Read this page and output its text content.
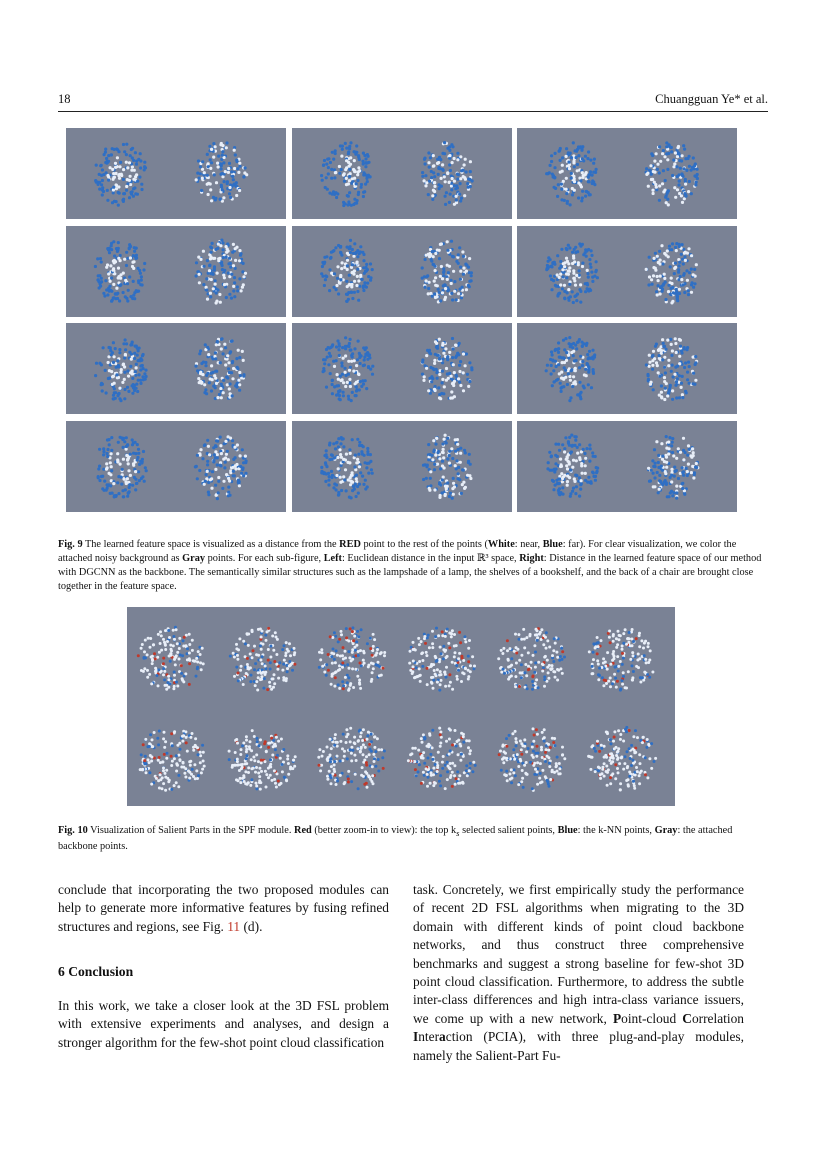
18	Chuangguan Ye* et al.
Fig. 9 The learned feature space is visualized as a distance from the RED point to the rest of the points (White: near, Blue: far). For clear visualization, we color the attached noisy background as Gray points. For each sub-figure, Left: Euclidean distance in the input ℝ³ space, Right: Distance in the learned feature space of our method with DGCNN as the backbone. The semantically similar structures such as the lampshade of a lamp, the shelves of a bookshelf, and the back of a chair are brought close together in the feature space.
Fig. 10 Visualization of Salient Parts in the SPF module. Red (better zoom-in to view): the top $k_s$ selected salient points, Blue: the k-NN points, Gray: the attached backbone points.

conclude that incorporating the two proposed modules can help to generate more informative features by fusing refined structures and regions, see Fig. 11 (d).

6 Conclusion

In this work, we take a closer look at the 3D FSL problem with extensive experiments and analyses, and design a stronger algorithm for the few-shot point cloud classification

task. Concretely, we first empirically study the performance of recent 2D FSL algorithms when migrating to the 3D domain with different kinds of point cloud backbone networks, and thus construct three comprehensive benchmarks and suggest a strong baseline for few-shot 3D point cloud classification. Furthermore, to address the subtle inter-class differences and high intra-class variance issuers, we come up with a new network, Point-cloud Correlation Interaction (PCIA), with three plug-and-play modules, namely the Salient-Part Fu-
